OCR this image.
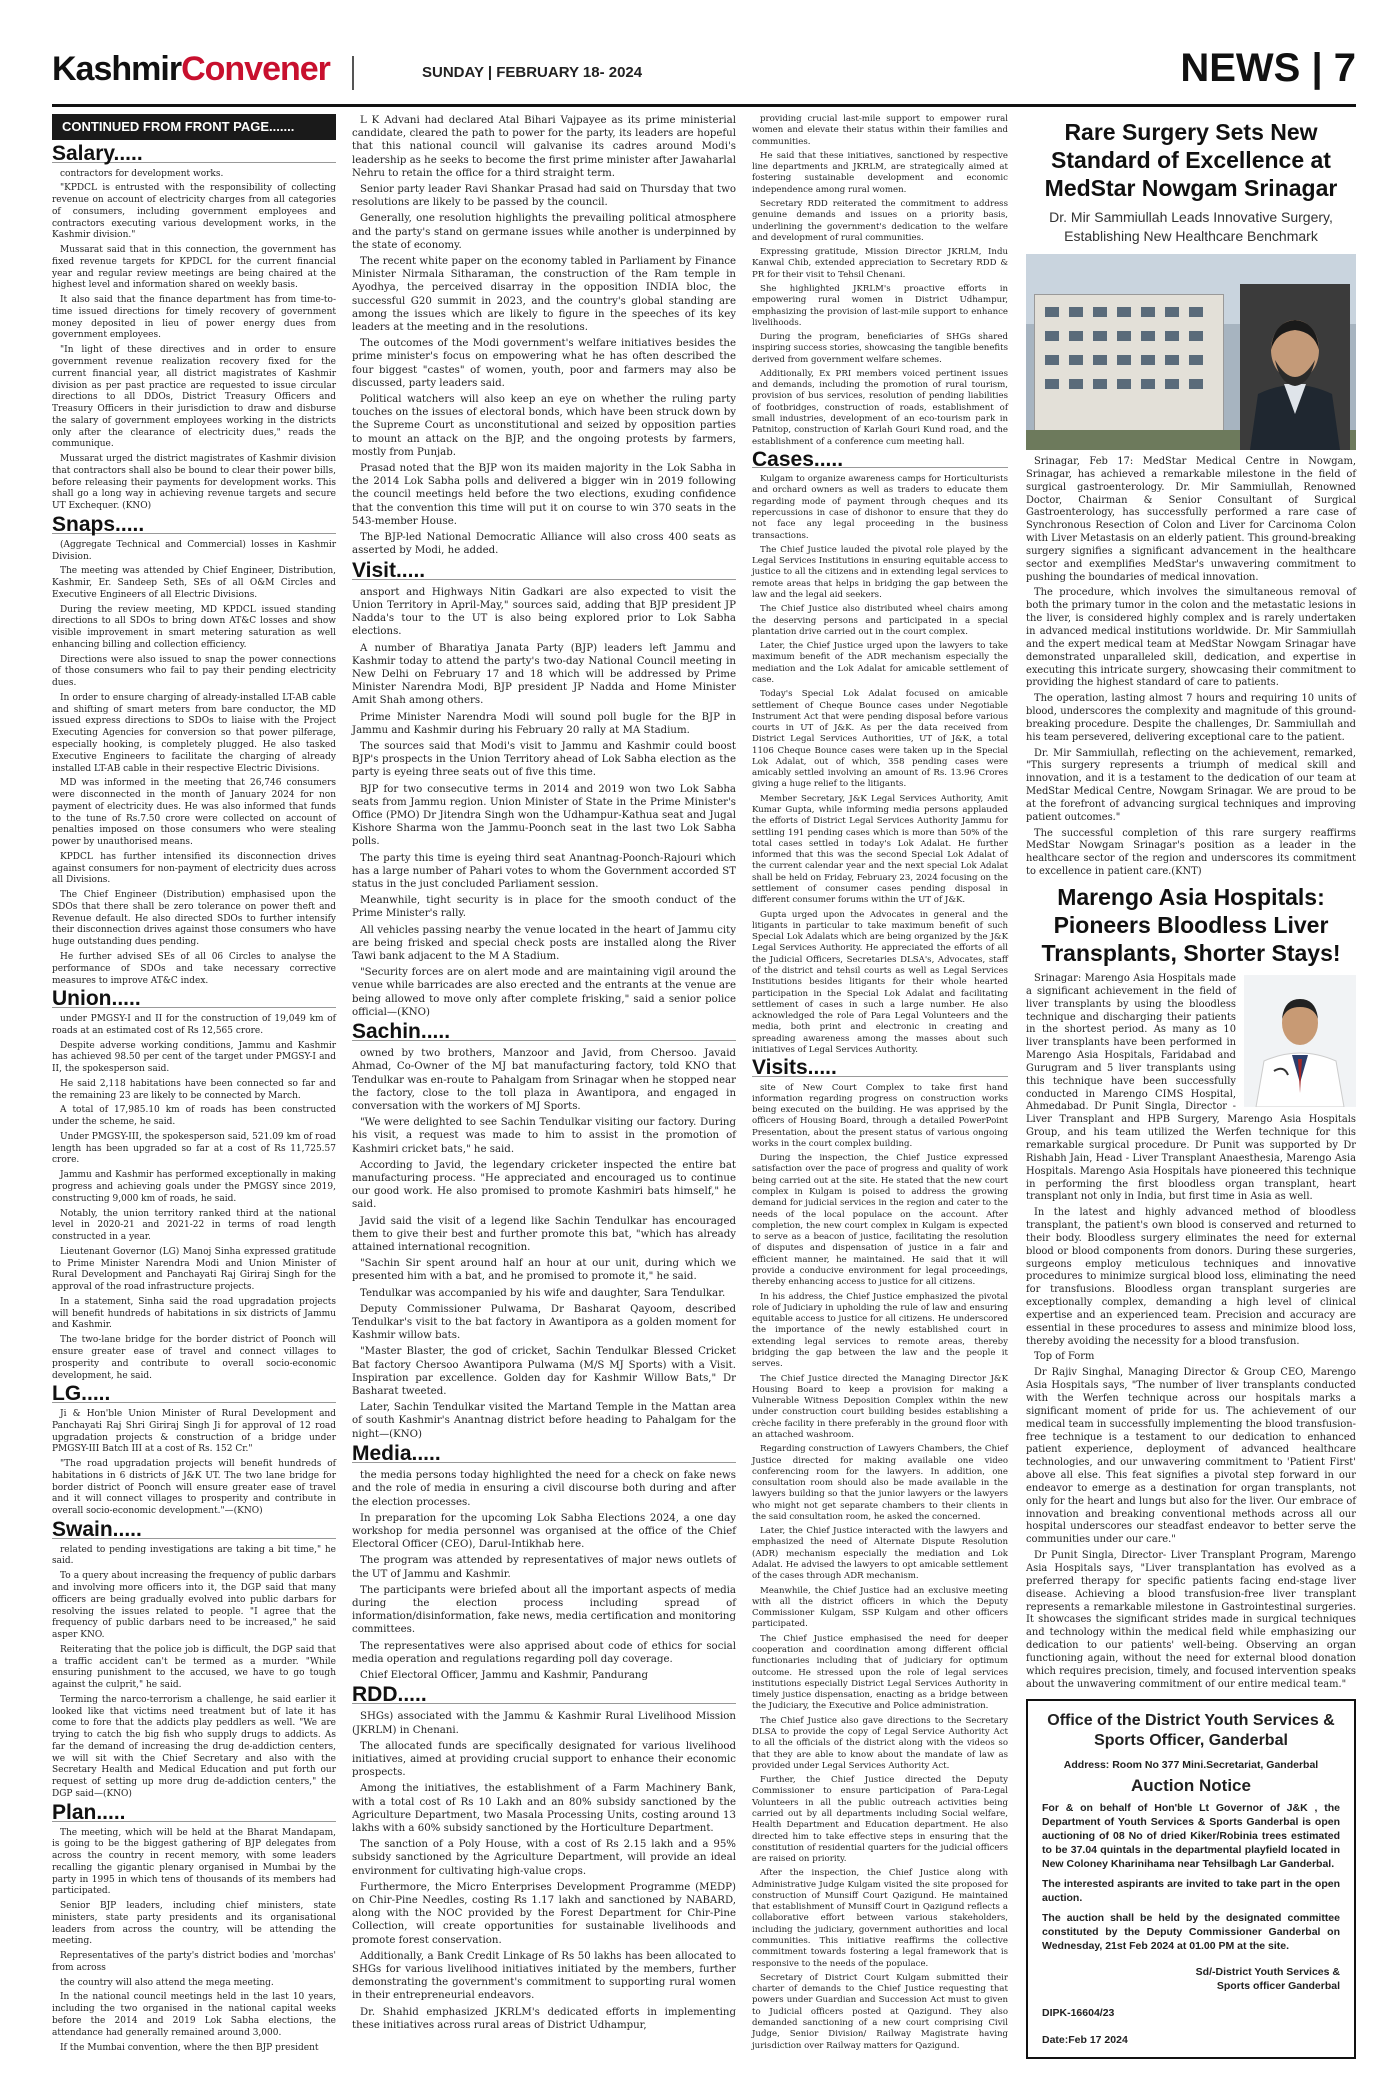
KashmirConvener	SUNDAY | FEBRUARY 18- 2024	NEWS | 7
CONTINUED FROM FRONT PAGE.......
Salary.....

contractors for development works.

"KPDCL is entrusted with the responsibility of collecting revenue on account of electricity charges from all categories of consumers, including government employees and contractors executing various development works, in the Kashmir division."

Mussarat said that in this connection, the government has fixed revenue targets for KPDCL for the current financial year and regular review meetings are being chaired at the highest level and information shared on weekly basis.

It also said that the finance department has from time-to-time issued directions for timely recovery of government money deposited in lieu of power energy dues from government employees.

"In light of these directives and in order to ensure government revenue realization recovery fixed for the current financial year, all district magistrates of Kashmir division as per past practice are requested to issue circular directions to all DDOs, District Treasury Officers and Treasury Officers in their jurisdiction to draw and disburse the salary of government employees working in the districts only after the clearance of electricity dues," reads the communique.

Mussarat urged the district magistrates of Kashmir division that contractors shall also be bound to clear their power bills, before releasing their payments for development works. This shall go a long way in achieving revenue targets and secure UT Exchequer. (KNO)

Snaps.....

(Aggregate Technical and Commercial) losses in Kashmir Division.

The meeting was attended by Chief Engineer, Distribution, Kashmir, Er. Sandeep Seth, SEs of all O&M Circles and Executive Engineers of all Electric Divisions.

During the review meeting, MD KPDCL issued standing directions to all SDOs to bring down AT&C losses and show visible improvement in smart metering saturation as well enhancing billing and collection efficiency.

Directions were also issued to snap the power connections of those consumers who fail to pay their pending electricity dues.

In order to ensure charging of already-installed LT-AB cable and shifting of smart meters from bare conductor, the MD issued express directions to SDOs to liaise with the Project Executing Agencies for conversion so that power pilferage, especially hooking, is completely plugged. He also tasked Executive Engineers to facilitate the charging of already installed LT-AB cable in their respective Electric Divisions.

MD was informed in the meeting that 26,746 consumers were disconnected in the month of January 2024 for non payment of electricity dues. He was also informed that funds to the tune of Rs.7.50 crore were collected on account of penalties imposed on those consumers who were stealing power by unauthorised means.

KPDCL has further intensified its disconnection drives against consumers for non-payment of electricity dues across all Divisions.

The Chief Engineer (Distribution) emphasised upon the SDOs that there shall be zero tolerance on power theft and Revenue default. He also directed SDOs to further intensify their disconnection drives against those consumers who have huge outstanding dues pending.

He further advised SEs of all 06 Circles to analyse the performance of SDOs and take necessary corrective measures to improve AT&C index.

Union.....

under PMGSY-I and II for the construction of 19,049 km of roads at an estimated cost of Rs 12,565 crore.

Despite adverse working conditions, Jammu and Kashmir has achieved 98.50 per cent of the target under PMGSY-I and II, the spokesperson said.

He said 2,118 habitations have been connected so far and the remaining 23 are likely to be connected by March.

A total of 17,985.10 km of roads has been constructed under the scheme, he said.

Under PMGSY-III, the spokesperson said, 521.09 km of road length has been upgraded so far at a cost of Rs 11,725.57 crore.

Jammu and Kashmir has performed exceptionally in making progress and achieving goals under the PMGSY since 2019, constructing 9,000 km of roads, he said.

Notably, the union territory ranked third at the national level in 2020-21 and 2021-22 in terms of road length constructed in a year.

Lieutenant Governor (LG) Manoj Sinha expressed gratitude to Prime Minister Narendra Modi and Union Minister of Rural Development and Panchayati Raj Giriraj Singh for the approval of the road infrastructure projects.

In a statement, Sinha said the road upgradation projects will benefit hundreds of habitations in six districts of Jammu and Kashmir.

The two-lane bridge for the border district of Poonch will ensure greater ease of travel and connect villages to prosperity and contribute to overall socio-economic development, he said.

LG.....

Ji & Hon'ble Union Minister of Rural Development and Panchayati Raj Shri Giriraj Singh Ji for approval of 12 road upgradation projects & construction of a bridge under PMGSY-III Batch III at a cost of Rs. 152 Cr."

"The road upgradation projects will benefit hundreds of habitations in 6 districts of J&K UT. The two lane bridge for border district of Poonch will ensure greater ease of travel and it will connect villages to prosperity and contribute in overall socio-economic development."—(KNO)

Swain.....

related to pending investigations are taking a bit time," he said.

To a query about increasing the frequency of public darbars and involving more officers into it, the DGP said that many officers are being gradually evolved into public darbars for resolving the issues related to people. "I agree that the frequency of public darbars need to be increased," he said asper KNO.

Reiterating that the police job is difficult, the DGP said that a traffic accident can't be termed as a murder. "While ensuring punishment to the accused, we have to go tough against the culprit," he said.

Terming the narco-terrorism a challenge, he said earlier it looked like that victims need treatment but of late it has come to fore that the addicts play peddlers as well. "We are trying to catch the big fish who supply drugs to addicts. As far the demand of increasing the drug de-addiction centers, we will sit with the Chief Secretary and also with the Secretary Health and Medical Education and put forth our request of setting up more drug de-addiction centers," the DGP said—(KNO)

Plan.....

The meeting, which will be held at the Bharat Mandapam, is going to be the biggest gathering of BJP delegates from across the country in recent memory, with some leaders recalling the gigantic plenary organised in Mumbai by the party in 1995 in which tens of thousands of its members had participated.

Senior BJP leaders, including chief ministers, state ministers, state party presidents and its organisational leaders from across the country, will be attending the meeting.

Representatives of the party's district bodies and 'morchas' from across

the country will also attend the mega meeting.

In the national council meetings held in the last 10 years, including the two organised in the national capital weeks before the 2014 and 2019 Lok Sabha elections, the attendance had generally remained around 3,000.

If the Mumbai convention, where the then BJP president

L K Advani had declared Atal Bihari Vajpayee as its prime ministerial candidate, cleared the path to power for the party, its leaders are hopeful that this national council will galvanise its cadres around Modi's leadership as he seeks to become the first prime minister after Jawaharlal Nehru to retain the office for a third straight term.

Senior party leader Ravi Shankar Prasad had said on Thursday that two resolutions are likely to be passed by the council.

Generally, one resolution highlights the prevailing political atmosphere and the party's stand on germane issues while another is underpinned by the state of economy.

The recent white paper on the economy tabled in Parliament by Finance Minister Nirmala Sitharaman, the construction of the Ram temple in Ayodhya, the perceived disarray in the opposition INDIA bloc, the successful G20 summit in 2023, and the country's global standing are among the issues which are likely to figure in the speeches of its key leaders at the meeting and in the resolutions.

The outcomes of the Modi government's welfare initiatives besides the prime minister's focus on empowering what he has often described the four biggest "castes" of women, youth, poor and farmers may also be discussed, party leaders said.

Political watchers will also keep an eye on whether the ruling party touches on the issues of electoral bonds, which have been struck down by the Supreme Court as unconstitutional and seized by opposition parties to mount an attack on the BJP, and the ongoing protests by farmers, mostly from Punjab.

Prasad noted that the BJP won its maiden majority in the Lok Sabha in the 2014 Lok Sabha polls and delivered a bigger win in 2019 following the council meetings held before the two elections, exuding confidence that the convention this time will put it on course to win 370 seats in the 543-member House.

The BJP-led National Democratic Alliance will also cross 400 seats as asserted by Modi, he added.

Visit.....

ansport and Highways Nitin Gadkari are also expected to visit the Union Territory in April-May," sources said, adding that BJP president JP Nadda's tour to the UT is also being explored prior to Lok Sabha elections.

A number of Bharatiya Janata Party (BJP) leaders left Jammu and Kashmir today to attend the party's two-day National Council meeting in New Delhi on February 17 and 18 which will be addressed by Prime Minister Narendra Modi, BJP president JP Nadda and Home Minister Amit Shah among others.

Prime Minister Narendra Modi will sound poll bugle for the BJP in Jammu and Kashmir during his February 20 rally at MA Stadium.

The sources said that Modi's visit to Jammu and Kashmir could boost BJP's prospects in the Union Territory ahead of Lok Sabha election as the party is eyeing three seats out of five this time.

BJP for two consecutive terms in 2014 and 2019 won two Lok Sabha seats from Jammu region. Union Minister of State in the Prime Minister's Office (PMO) Dr Jitendra Singh won the Udhampur-Kathua seat and Jugal Kishore Sharma won the Jammu-Poonch seat in the last two Lok Sabha polls.

The party this time is eyeing third seat Anantnag-Poonch-Rajouri which has a large number of Pahari votes to whom the Government accorded ST status in the just concluded Parliament session.

Meanwhile, tight security is in place for the smooth conduct of the Prime Minister's rally.

All vehicles passing nearby the venue located in the heart of Jammu city are being frisked and special check posts are installed along the River Tawi bank adjacent to the M A Stadium.

"Security forces are on alert mode and are maintaining vigil around the venue while barricades are also erected and the entrants at the venue are being allowed to move only after complete frisking," said a senior police official—(KNO)

Sachin.....

owned by two brothers, Manzoor and Javid, from Chersoo. Javaid Ahmad, Co-Owner of the MJ bat manufacturing factory, told KNO that Tendulkar was en-route to Pahalgam from Srinagar when he stopped near the factory, close to the toll plaza in Awantipora, and engaged in conversation with the workers of MJ Sports.

"We were delighted to see Sachin Tendulkar visiting our factory. During his visit, a request was made to him to assist in the promotion of Kashmiri cricket bats," he said.

According to Javid, the legendary cricketer inspected the entire bat manufacturing process. "He appreciated and encouraged us to continue our good work. He also promised to promote Kashmiri bats himself," he said.

Javid said the visit of a legend like Sachin Tendulkar has encouraged them to give their best and further promote this bat, "which has already attained international recognition.

"Sachin Sir spent around half an hour at our unit, during which we presented him with a bat, and he promised to promote it," he said.

Tendulkar was accompanied by his wife and daughter, Sara Tendulkar.

Deputy Commissioner Pulwama, Dr Basharat Qayoom, described Tendulkar's visit to the bat factory in Awantipora as a golden moment for Kashmir willow bats.

"Master Blaster, the god of cricket, Sachin Tendulkar Blessed Cricket Bat factory Chersoo Awantipora Pulwama (M/S MJ Sports) with a Visit. Inspiration par excellence. Golden day for Kashmir Willow Bats," Dr Basharat tweeted.

Later, Sachin Tendulkar visited the Martand Temple in the Mattan area of south Kashmir's Anantnag district before heading to Pahalgam for the night—(KNO)

Media.....

the media persons today highlighted the need for a check on fake news and the role of media in ensuring a civil discourse both during and after the election processes.

In preparation for the upcoming Lok Sabha Elections 2024, a one day workshop for media personnel was organised at the office of the Chief Electoral Officer (CEO), Darul-Intikhab here.

The program was attended by representatives of major news outlets of the UT of Jammu and Kashmir.

The participants were briefed about all the important aspects of media during the election process including spread of information/disinformation, fake news, media certification and monitoring committees.

The representatives were also apprised about code of ethics for social media operation and regulations regarding poll day coverage.

Chief Electoral Officer, Jammu and Kashmir, Pandurang

RDD.....

SHGs) associated with the Jammu & Kashmir Rural Livelihood Mission (JKRLM) in Chenani.

The allocated funds are specifically designated for various livelihood initiatives, aimed at providing crucial support to enhance their economic prospects.

Among the initiatives, the establishment of a Farm Machinery Bank, with a total cost of Rs 10 Lakh and an 80% subsidy sanctioned by the Agriculture Department, two Masala Processing Units, costing around 13 lakhs with a 60% subsidy sanctioned by the Horticulture Department.

The sanction of a Poly House, with a cost of Rs 2.15 lakh and a 95% subsidy sanctioned by the Agriculture Department, will provide an ideal environment for cultivating high-value crops.

Furthermore, the Micro Enterprises Development Programme (MEDP) on Chir-Pine Needles, costing Rs 1.17 lakh and sanctioned by NABARD, along with the NOC provided by the Forest Department for Chir-Pine Collection, will create opportunities for sustainable livelihoods and promote forest conservation.

Additionally, a Bank Credit Linkage of Rs 50 lakhs has been allocated to SHGs for various livelihood initiatives initiated by the members, further demonstrating the government's commitment to supporting rural women in their entrepreneurial endeavors.

Dr. Shahid emphasized JKRLM's dedicated efforts in implementing these initiatives across rural areas of District Udhampur,

providing crucial last-mile support to empower rural women and elevate their status within their families and communities.

He said that these initiatives, sanctioned by respective line departments and JKRLM, are strategically aimed at fostering sustainable development and economic independence among rural women.

Secretary RDD reiterated the commitment to address genuine demands and issues on a priority basis, underlining the government's dedication to the welfare and development of rural communities.

Expressing gratitude, Mission Director JKRLM, Indu Kanwal Chib, extended appreciation to Secretary RDD & PR for their visit to Tehsil Chenani.

She highlighted JKRLM's proactive efforts in empowering rural women in District Udhampur, emphasizing the provision of last-mile support to enhance livelihoods.

During the program, beneficiaries of SHGs shared inspiring success stories, showcasing the tangible benefits derived from government welfare schemes.

Additionally, Ex PRI members voiced pertinent issues and demands, including the promotion of rural tourism, provision of bus services, resolution of pending liabilities of footbridges, construction of roads, establishment of small industries, development of an eco-tourism park in Patnitop, construction of Karlah Gouri Kund road, and the establishment of a conference cum meeting hall.

Cases.....

Kulgam to organize awareness camps for Horticulturists and orchard owners as well as traders to educate them regarding mode of payment through cheques and its repercussions in case of dishonor to ensure that they do not face any legal proceeding in the business transactions.

The Chief Justice lauded the pivotal role played by the Legal Services Institutions in ensuring equitable access to justice to all the citizens and in extending legal services to remote areas that helps in bridging the gap between the law and the legal aid seekers.

The Chief Justice also distributed wheel chairs among the deserving persons and participated in a special plantation drive carried out in the court complex.

Later, the Chief Justice urged upon the lawyers to take maximum benefit of the ADR mechanism especially the mediation and the Lok Adalat for amicable settlement of case.

Today's Special Lok Adalat focused on amicable settlement of Cheque Bounce cases under Negotiable Instrument Act that were pending disposal before various courts in UT of J&K. As per the data received from District Legal Services Authorities, UT of J&K, a total 1106 Cheque Bounce cases were taken up in the Special Lok Adalat, out of which, 358 pending cases were amicably settled involving an amount of Rs. 13.96 Crores giving a huge relief to the litigants.

Member Secretary, J&K Legal Services Authority, Amit Kumar Gupta, while informing media persons applauded the efforts of District Legal Services Authority Jammu for settling 191 pending cases which is more than 50% of the total cases settled in today's Lok Adalat. He further informed that this was the second Special Lok Adalat of the current calendar year and the next special Lok Adalat shall be held on Friday, February 23, 2024 focusing on the settlement of consumer cases pending disposal in different consumer forums within the UT of J&K.

Gupta urged upon the Advocates in general and the litigants in particular to take maximum benefit of such Special Lok Adalats which are being organized by the J&K Legal Services Authority. He appreciated the efforts of all the Judicial Officers, Secretaries DLSA's, Advocates, staff of the district and tehsil courts as well as Legal Services Institutions besides litigants for their whole hearted participation in the Special Lok Adalat and facilitating settlement of cases in such a large number. He also acknowledged the role of Para Legal Volunteers and the media, both print and electronic in creating and spreading awareness among the masses about such initiatives of Legal Services Authority.

Visits.....

site of New Court Complex to take first hand information regarding progress on construction works being executed on the building. He was apprised by the officers of Housing Board, through a detailed PowerPoint Presentation, about the present status of various ongoing works in the court complex building.

During the inspection, the Chief Justice expressed satisfaction over the pace of progress and quality of work being carried out at the site. He stated that the new court complex in Kulgam is poised to address the growing demand for judicial services in the region and cater to the needs of the local populace on the account. After completion, the new court complex in Kulgam is expected to serve as a beacon of justice, facilitating the resolution of disputes and dispensation of justice in a fair and efficient manner, he maintained. He said that it will provide a conducive environment for legal proceedings, thereby enhancing access to justice for all citizens.

In his address, the Chief Justice emphasized the pivotal role of Judiciary in upholding the rule of law and ensuring equitable access to justice for all citizens. He underscored the importance of the newly established court in extending legal services to remote areas, thereby bridging the gap between the law and the people it serves.

The Chief Justice directed the Managing Director J&K Housing Board to keep a provision for making a Vulnerable Witness Deposition Complex within the new under construction court building besides establishing a crèche facility in there preferably in the ground floor with an attached washroom.

Regarding construction of Lawyers Chambers, the Chief Justice directed for making available one video conferencing room for the lawyers. In addition, one consultation room should also be made available in the lawyers building so that the junior lawyers or the lawyers who might not get separate chambers to their clients in the said consultation room, he asked the concerned.

Later, the Chief Justice interacted with the lawyers and emphasized the need of Alternate Dispute Resolution (ADR) mechanism especially the mediation and Lok Adalat. He advised the lawyers to opt amicable settlement of the cases through ADR mechanism.

Meanwhile, the Chief Justice had an exclusive meeting with all the district officers in which the Deputy Commissioner Kulgam, SSP Kulgam and other officers participated.

The Chief Justice emphasised the need for deeper cooperation and coordination among different official functionaries including that of judiciary for optimum outcome. He stressed upon the role of legal services institutions especially District Legal Services Authority in timely justice dispensation, enacting as a bridge between the Judiciary, the Executive and Police administration.

The Chief Justice also gave directions to the Secretary DLSA to provide the copy of Legal Service Authority Act to all the officials of the district along with the videos so that they are able to know about the mandate of law as provided under Legal Services Authority Act.

Further, the Chief Justice directed the Deputy Commissioner to ensure participation of Para-Legal Volunteers in all the public outreach activities being carried out by all departments including Social welfare, Health Department and Education department. He also directed him to take effective steps in ensuring that the constitution of residential quarters for the judicial officers are raised on priority.

After the inspection, the Chief Justice along with Administrative Judge Kulgam visited the site proposed for construction of Munsiff Court Qazigund. He maintained that establishment of Munsiff Court in Qazigund reflects a collaborative effort between various stakeholders, including the judiciary, government authorities and local communities. This initiative reaffirms the collective commitment towards fostering a legal framework that is responsive to the needs of the populace.

Secretary of District Court Kulgam submitted their charter of demands to the Chief Justice requesting that powers under Guardian and Succession Act must to given to Judicial officers posted at Qazigund. They also demanded sanctioning of a new court comprising Civil Judge, Senior Division/ Railway Magistrate having jurisdiction over Railway matters for Qazigund.

Rare Surgery Sets New Standard of Excellence at MedStar Nowgam Srinagar
Dr. Mir Sammiullah Leads Innovative Surgery, Establishing New Healthcare Benchmark

Srinagar, Feb 17: MedStar Medical Centre in Nowgam, Srinagar, has achieved a remarkable milestone in the field of surgical gastroenterology. Dr. Mir Sammiullah, Renowned Doctor, Chairman & Senior Consultant of Surgical Gastroenterology, has successfully performed a rare case of Synchronous Resection of Colon and Liver for Carcinoma Colon with Liver Metastasis on an elderly patient. This ground-breaking surgery signifies a significant advancement in the healthcare sector and exemplifies MedStar's unwavering commitment to pushing the boundaries of medical innovation.

The procedure, which involves the simultaneous removal of both the primary tumor in the colon and the metastatic lesions in the liver, is considered highly complex and is rarely undertaken in advanced medical institutions worldwide. Dr. Mir Sammiullah and the expert medical team at MedStar Nowgam Srinagar have demonstrated unparalleled skill, dedication, and expertise in executing this intricate surgery, showcasing their commitment to providing the highest standard of care to patients.

The operation, lasting almost 7 hours and requiring 10 units of blood, underscores the complexity and magnitude of this ground-breaking procedure. Despite the challenges, Dr. Sammiullah and his team persevered, delivering exceptional care to the patient.

Dr. Mir Sammiullah, reflecting on the achievement, remarked, "This surgery represents a triumph of medical skill and innovation, and it is a testament to the dedication of our team at MedStar Medical Centre, Nowgam Srinagar. We are proud to be at the forefront of advancing surgical techniques and improving patient outcomes."

The successful completion of this rare surgery reaffirms MedStar Nowgam Srinagar's position as a leader in the healthcare sector of the region and underscores its commitment to excellence in patient care.(KNT)

Marengo Asia Hospitals: Pioneers Bloodless Liver Transplants, Shorter Stays!

Srinagar: Marengo Asia Hospitals made a significant achievement in the field of liver transplants by using the bloodless technique and discharging their patients in the shortest period. As many as 10 liver transplants have been performed in Marengo Asia Hospitals, Faridabad and Gurugram and 5 liver transplants using this technique have been successfully conducted in Marengo CIMS Hospital, Ahmedabad. Dr Punit Singla, Director - Liver Transplant and HPB Surgery, Marengo Asia Hospitals Group, and his team utilized the Werfen technique for this remarkable surgical procedure. Dr Punit was supported by Dr Rishabh Jain, Head - Liver Transplant Anaesthesia, Marengo Asia Hospitals. Marengo Asia Hospitals have pioneered this technique in performing the first bloodless organ transplant, heart transplant not only in India, but first time in Asia as well.

In the latest and highly advanced method of bloodless transplant, the patient's own blood is conserved and returned to their body. Bloodless surgery eliminates the need for external blood or blood components from donors. During these surgeries, surgeons employ meticulous techniques and innovative procedures to minimize surgical blood loss, eliminating the need for transfusions. Bloodless organ transplant surgeries are exceptionally complex, demanding a high level of clinical expertise and an experienced team. Precision and accuracy are essential in these procedures to assess and minimize blood loss, thereby avoiding the necessity for a blood transfusion.

Top of Form

Dr Rajiv Singhal, Managing Director & Group CEO, Marengo Asia Hospitals says, "The number of liver transplants conducted with the Werfen technique across our hospitals marks a significant moment of pride for us. The achievement of our medical team in successfully implementing the blood transfusion-free technique is a testament to our dedication to enhanced patient experience, deployment of advanced healthcare technologies, and our unwavering commitment to 'Patient First' above all else. This feat signifies a pivotal step forward in our endeavor to emerge as a destination for organ transplants, not only for the heart and lungs but also for the liver. Our embrace of innovation and breaking conventional methods across all our hospital underscores our steadfast endeavor to better serve the communities under our care."

Dr Punit Singla, Director- Liver Transplant Program, Marengo Asia Hospitals says, "Liver transplantation has evolved as a preferred therapy for specific patients facing end-stage liver disease. Achieving a blood transfusion-free liver transplant represents a remarkable milestone in Gastrointestinal surgeries. It showcases the significant strides made in surgical techniques and technology within the medical field while emphasizing our dedication to our patients' well-being. Observing an organ functioning again, without the need for external blood donation which requires precision, timely, and focused intervention speaks about the unwavering commitment of our entire medical team."

Office of the District Youth Services & Sports Officer, Ganderbal
Address: Room No 377 Mini.Secretariat, Ganderbal
Auction Notice

For & on behalf of Hon'ble Lt Governor of J&K , the Department of Youth Services & Sports Ganderbal is open auctioning of 08 No of dried Kiker/Robinia trees estimated to be 37.04 quintals in the departmental playfield located in New Coloney Kharinihama near Tehsilbagh Lar Ganderbal.

The interested aspirants are invited to take part in the open auction.

The auction shall be held by the designated committee constituted by the Deputy Commissioner Ganderbal on Wednesday, 21st Feb 2024 at 01.00 PM at the site.

Sd/-District Youth Services &
Sports officer Ganderbal
DIPK-16604/23
Date:Feb 17 2024
